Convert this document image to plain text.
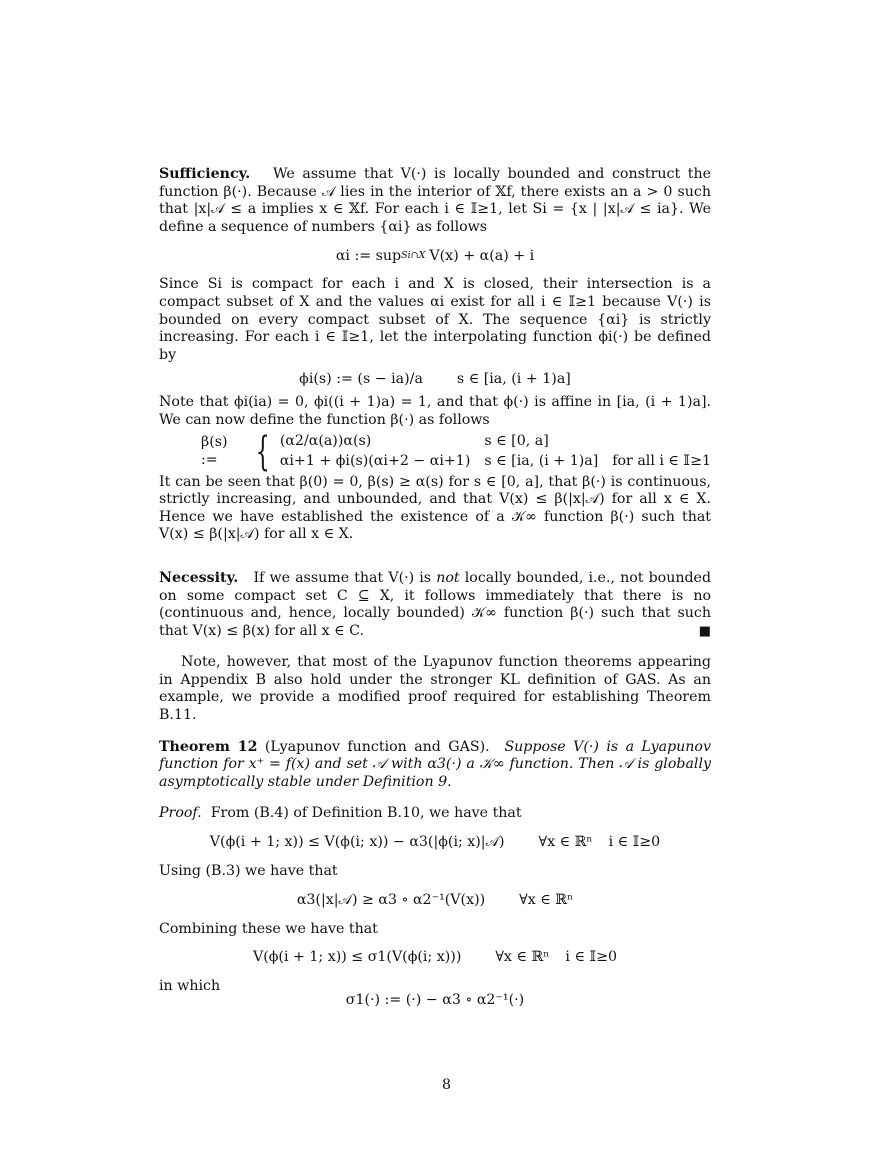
Sufficiency. We assume that V(·) is locally bounded and construct the function β(·). Because 𝒜 lies in the interior of 𝕏f, there exists an a > 0 such that |x|𝒜 ≤ a implies x ∈ 𝕏f. For each i ∈ 𝕀≥1, let Si = {x | |x|𝒜 ≤ ia}. We define a sequence of numbers {αi} as follows

αi := sup Si∩X V(x) + α(a) + i

Since Si is compact for each i and X is closed, their intersection is a compact subset of X and the values αi exist for all i ∈ 𝕀≥1 because V(·) is bounded on every compact subset of X. The sequence {αi} is strictly increasing. For each i ∈ 𝕀≥1, let the interpolating function ϕi(·) be defined by

ϕi(s) := (s − ia)/a s ∈ [ia, (i + 1)a]

Note that ϕi(ia) = 0, ϕi((i + 1)a) = 1, and that ϕ(·) is affine in [ia, (i + 1)a]. We can now define the function β(·) as follows

β(s) := { (α2/α(a))α(s)	s ∈ [0, a]
αi+1 + ϕi(s)(αi+2 − αi+1) s ∈ [ia, (i + 1)a] for all i ∈ 𝕀≥1

It can be seen that β(0) = 0, β(s) ≥ α(s) for s ∈ [0, a], that β(·) is continuous, strictly increasing, and unbounded, and that V(x) ≤ β(|x|𝒜) for all x ∈ X. Hence we have established the existence of a 𝒦∞ function β(·) such that V(x) ≤ β(|x|𝒜) for all x ∈ X.

Necessity. If we assume that V(·) is not locally bounded, i.e., not bounded on some compact set C ⊆ X, it follows immediately that there is no (continuous and, hence, locally bounded) 𝒦∞ function β(·) such that such that V(x) ≤ β(x) for all x ∈ C.	■

Note, however, that most of the Lyapunov function theorems appearing in Appendix B also hold under the stronger KL definition of GAS. As an example, we provide a modified proof required for establishing Theorem B.11.

Theorem 12 (Lyapunov function and GAS). Suppose V(·) is a Lyapunov function for x⁺ = f(x) and set 𝒜 with α3(·) a 𝒦∞ function. Then 𝒜 is globally asymptotically stable under Definition 9.

Proof. From (B.4) of Definition B.10, we have that

V(ϕ(i + 1; x)) ≤ V(ϕ(i; x)) − α3(|ϕ(i; x)|𝒜) ∀x ∈ ℝⁿ i ∈ 𝕀≥0

Using (B.3) we have that

α3(|x|𝒜) ≥ α3 ∘ α2⁻¹(V(x)) ∀x ∈ ℝⁿ

Combining these we have that

V(ϕ(i + 1; x)) ≤ σ1(V(ϕ(i; x))) ∀x ∈ ℝⁿ i ∈ 𝕀≥0

in which

σ1(·) := (·) − α3 ∘ α2⁻¹(·)
8
